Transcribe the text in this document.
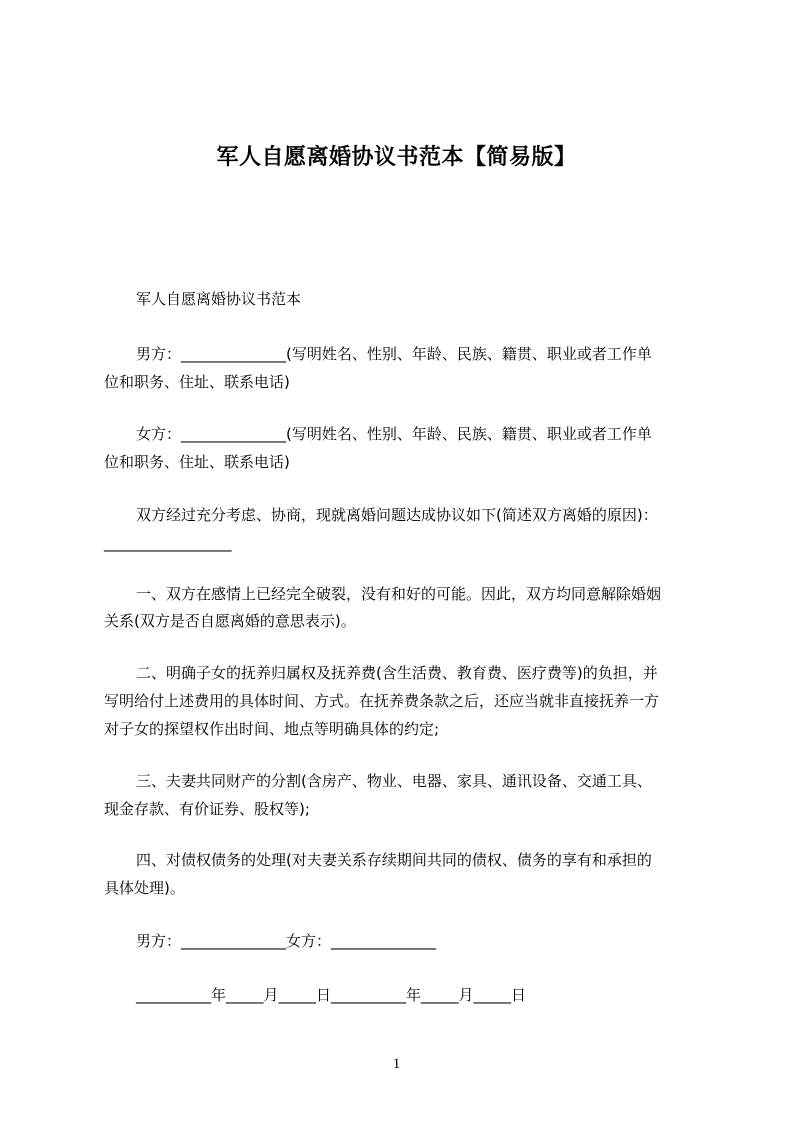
军人自愿离婚协议书范本【简易版】
军人自愿离婚协议书范本
男方：______________(写明姓名、性别、年龄、民族、籍贯、职业或者工作单
位和职务、住址、联系电话)
女方：______________(写明姓名、性别、年龄、民族、籍贯、职业或者工作单
位和职务、住址、联系电话)
双方经过充分考虑、协商，现就离婚问题达成协议如下(简述双方离婚的原因)：
_________________
一、双方在感情上已经完全破裂，没有和好的可能。因此，双方均同意解除婚姻
关系(双方是否自愿离婚的意思表示)。
二、明确子女的抚养归属权及抚养费(含生活费、教育费、医疗费等)的负担，并
写明给付上述费用的具体时间、方式。在抚养费条款之后，还应当就非直接抚养一方
对子女的探望权作出时间、地点等明确具体的约定;
三、夫妻共同财产的分割(含房产、物业、电器、家具、通讯设备、交通工具、
现金存款、有价证券、股权等);
四、对债权债务的处理(对夫妻关系存续期间共同的债权、债务的享有和承担的
具体处理)。
男方：______________女方：______________
__________年_____月_____日__________年_____月_____日
1
